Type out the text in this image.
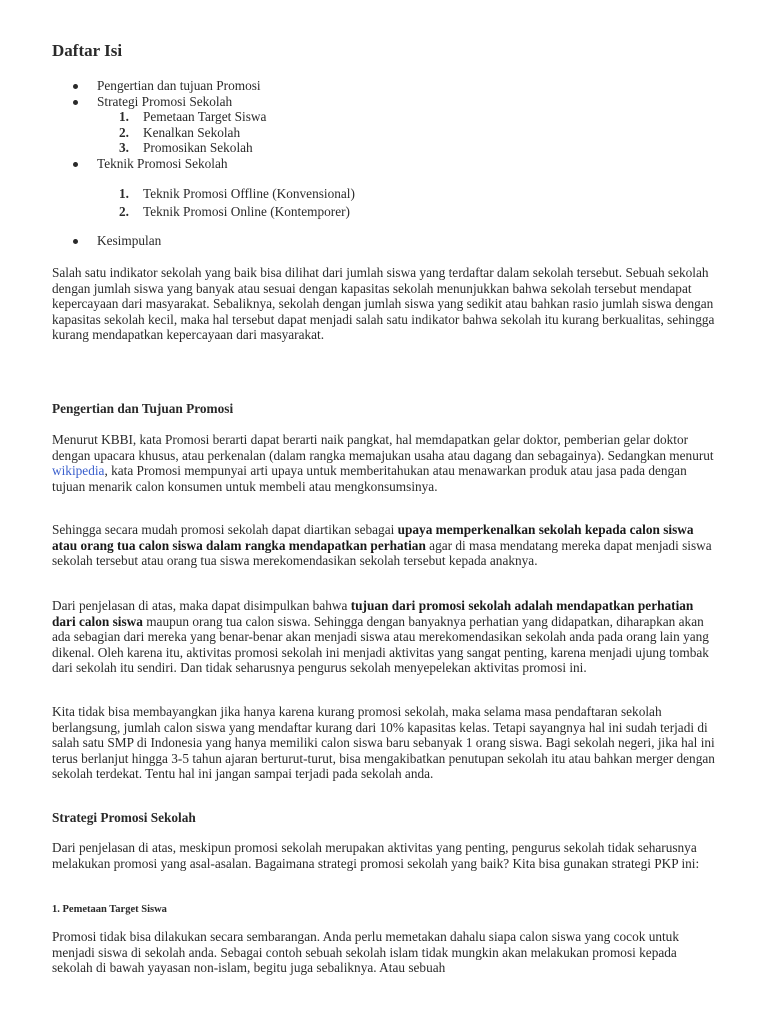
Daftar Isi
Pengertian dan tujuan Promosi
Strategi Promosi Sekolah
1. Pemetaan Target Siswa
2. Kenalkan Sekolah
3. Promosikan Sekolah
Teknik Promosi Sekolah
1. Teknik Promosi Offline (Konvensional)
2. Teknik Promosi Online (Kontemporer)
Kesimpulan

Salah satu indikator sekolah yang baik bisa dilihat dari jumlah siswa yang terdaftar dalam sekolah tersebut. Sebuah sekolah dengan jumlah siswa yang banyak atau sesuai dengan kapasitas sekolah menunjukkan bahwa sekolah tersebut mendapat kepercayaan dari masyarakat. Sebaliknya, sekolah dengan jumlah siswa yang sedikit atau bahkan rasio jumlah siswa dengan kapasitas sekolah kecil, maka hal tersebut dapat menjadi salah satu indikator bahwa sekolah itu kurang berkualitas, sehingga kurang mendapatkan kepercayaan dari masyarakat.

Pengertian dan Tujuan Promosi

Menurut KBBI, kata Promosi berarti dapat berarti naik pangkat, hal memdapatkan gelar doktor, pemberian gelar doktor dengan upacara khusus, atau perkenalan (dalam rangka memajukan usaha atau dagang dan sebagainya). Sedangkan menurut wikipedia, kata Promosi mempunyai arti upaya untuk memberitahukan atau menawarkan produk atau jasa pada dengan tujuan menarik calon konsumen untuk membeli atau mengkonsumsinya.

Sehingga secara mudah promosi sekolah dapat diartikan sebagai upaya memperkenalkan sekolah kepada calon siswa atau orang tua calon siswa dalam rangka mendapatkan perhatian agar di masa mendatang mereka dapat menjadi siswa sekolah tersebut atau orang tua siswa merekomendasikan sekolah tersebut kepada anaknya.

Dari penjelasan di atas, maka dapat disimpulkan bahwa tujuan dari promosi sekolah adalah mendapatkan perhatian dari calon siswa maupun orang tua calon siswa. Sehingga dengan banyaknya perhatian yang didapatkan, diharapkan akan ada sebagian dari mereka yang benar-benar akan menjadi siswa atau merekomendasikan sekolah anda pada orang lain yang dikenal. Oleh karena itu, aktivitas promosi sekolah ini menjadi aktivitas yang sangat penting, karena menjadi ujung tombak dari sekolah itu sendiri. Dan tidak seharusnya pengurus sekolah menyepelekan aktivitas promosi ini.

Kita tidak bisa membayangkan jika hanya karena kurang promosi sekolah, maka selama masa pendaftaran sekolah berlangsung, jumlah calon siswa yang mendaftar kurang dari 10% kapasitas kelas. Tetapi sayangnya hal ini sudah terjadi di salah satu SMP di Indonesia yang hanya memiliki calon siswa baru sebanyak 1 orang siswa. Bagi sekolah negeri, jika hal ini terus berlanjut hingga 3-5 tahun ajaran berturut-turut, bisa mengakibatkan penutupan sekolah itu atau bahkan merger dengan sekolah terdekat. Tentu hal ini jangan sampai terjadi pada sekolah anda.

Strategi Promosi Sekolah

Dari penjelasan di atas, meskipun promosi sekolah merupakan aktivitas yang penting, pengurus sekolah tidak seharusnya melakukan promosi yang asal-asalan. Bagaimana strategi promosi sekolah yang baik? Kita bisa gunakan strategi PKP ini:

1. Pemetaan Target Siswa

Promosi tidak bisa dilakukan secara sembarangan. Anda perlu memetakan dahalu siapa calon siswa yang cocok untuk menjadi siswa di sekolah anda. Sebagai contoh sebuah sekolah islam tidak mungkin akan melakukan promosi kepada sekolah di bawah yayasan non-islam, begitu juga sebaliknya. Atau sebuah
